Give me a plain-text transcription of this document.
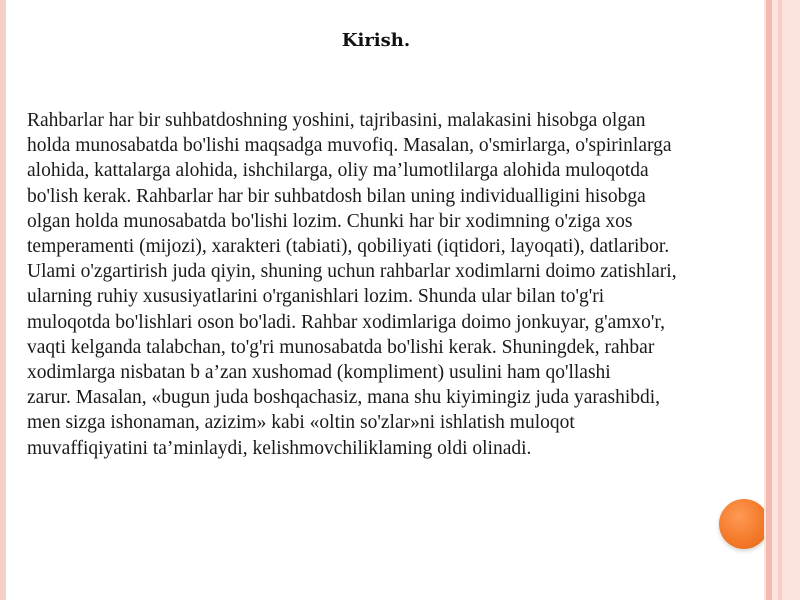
Kirish.
Rahbarlar har bir suhbatdoshning yoshini, tajribasini, malakasini hisobga olgan
holda munosabatda bo'lishi maqsadga muvofiq. Masalan, o'smirlarga, o'spirinlarga
alohida, kattalarga alohida, ishchilarga, oliy ma’lumotlilarga alohida muloqotda
bo'lish kerak. Rahbarlar har bir suhbatdosh bilan uning individualligini hisobga
olgan holda munosabatda bo'lishi lozim. Chunki har bir xodimning o'ziga xos
temperamenti (mijozi), xarakteri (tabiati), qobiliyati (iqtidori, layoqati), datlaribor.
Ulami o'zgartirish juda qiyin, shuning uchun rahbarlar xodimlarni doimo zatishlari,
ularning ruhiy xususiyatlarini o'rganishlari lozim. Shunda ular bilan to'g'ri
muloqotda bo'lishlari oson bo'ladi. Rahbar xodimlariga doimo jonkuyar, g'amxo'r,
vaqti kelganda talabchan, to'g'ri munosabatda bo'lishi kerak. Shuningdek, rahbar
xodimlarga nisbatan b a’zan xushomad (kompliment) usulini ham qo'llashi
zarur. Masalan, «bugun juda boshqachasiz, mana shu kiyimingiz juda yarashibdi,
men sizga ishonaman, azizim» kabi «oltin so'zlar»ni ishlatish muloqot
muvaffiqiyatini ta’minlaydi, kelishmovchiliklaming oldi olinadi.
